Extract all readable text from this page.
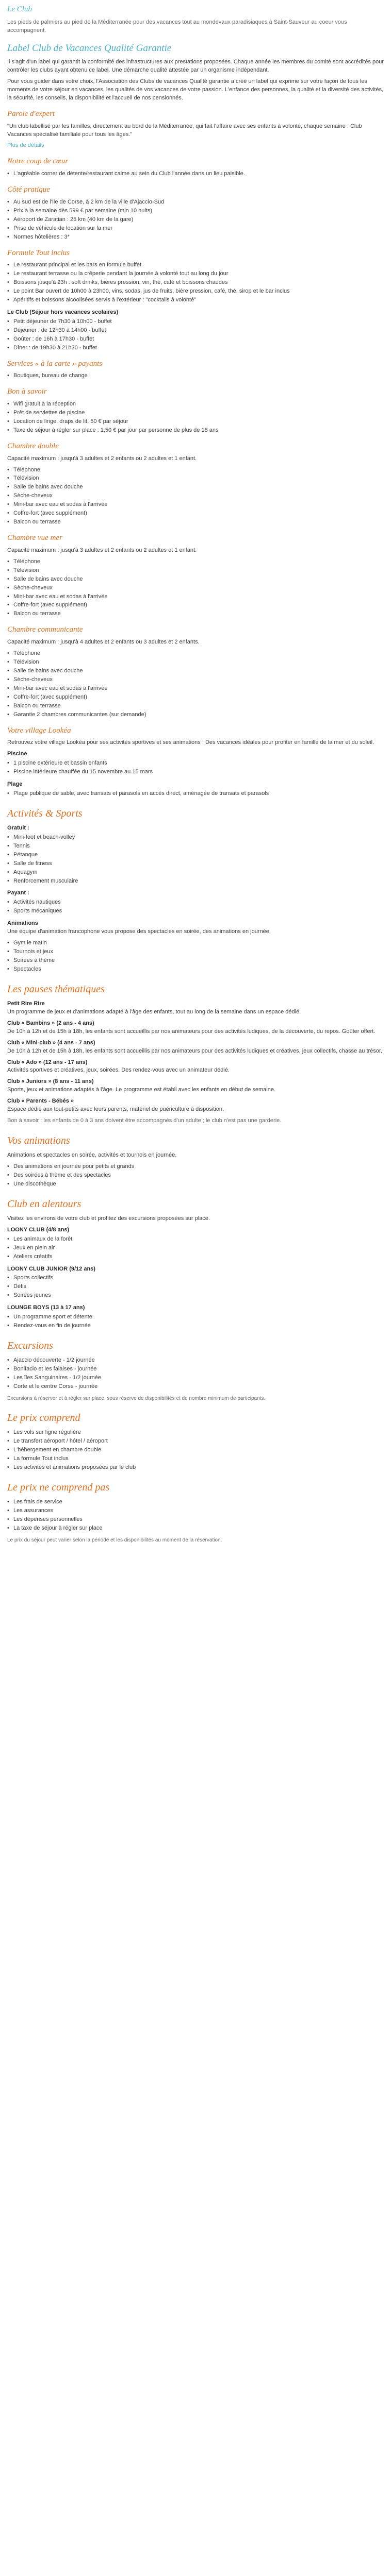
Le Club

Les pieds de palmiers au pied de la Méditerranée pour des vacances tout au mondevaux paradisiaques à Saint-Sauveur au coeur vous accompagnent.

Label Club de Vacances Qualité Garantie

Il s'agit d'un label qui garantit la conformité des infrastructures aux prestations proposées. Chaque année les membres du comité sont accrédités pour contrôler les clubs ayant obtenu ce label. Une démarche qualité attestée par un organisme indépendant.

Pour vous guider dans votre choix, l'Association des Clubs de vacances Qualité garantie a créé un label qui exprime sur votre façon de tous les moments de votre séjour en vacances, les qualités de vos vacances de votre passion. L'enfance des personnes, la qualité et la diversité des activités, la sécurité, les conseils, la disponibilité et l'accueil de nos pensionnés.

Parole d'expert

"Un club labellisé par les familles, directement au bord de la Méditerranée, qui fait l'affaire avec ses enfants à volonté, chaque semaine : Club Vacances spécialisé familiale pour tous les âges."

Plus de détails

Notre coup de cœur
• L'agréable corner de détente/restaurant calme au sein du Club l'année dans un lieu paisible.
Côté pratique
• Au sud est de l'Ile de Corse, à 2 km de la ville d'Ajaccio-Sud
• Prix à la semaine dès 599 € par semaine (min 10 nuits)
• Aéroport de Zaratian : 25 km (40 km de la gare)
• Prise de véhicule de location sur la mer
• Normes hôtelières : 3*
Formule Tout inclus
• Le restaurant principal et les bars en formule buffet
• Le restaurant terrasse ou la crêperie pendant la journée à volonté tout au long du jour
• Boissons jusqu'à 23h : soft drinks, bières pression, vin, thé, café et boissons chaudes
• Le point Bar ouvert de 10h00 à 23h00, vins, sodas, jus de fruits, bière pression, café, thé, sirop et le bar inclus
• Apéritifs et boissons alcoolisées servis à l'extérieur : "cocktails à volonté"
Le Club (Séjour hors vacances scolaires)
• Petit déjeuner de 7h30 à 10h00 - buffet
• Déjeuner : de 12h30 à 14h00 - buffet
• Goûter : de 16h à 17h30 - buffet
• Dîner : de 19h30 à 21h30 - buffet
Services « à la carte » payants
• Boutiques, bureau de change
Bon à savoir
• Wifi gratuit à la réception
• Prêt de serviettes de piscine
• Location de linge, draps de lit, 50 € par séjour
• Taxe de séjour à régler sur place : 1,50 € par jour par personne de plus de 18 ans
Chambre double

Capacité maximum : jusqu'à 3 adultes et 2 enfants ou 2 adultes et 1 enfant.

• Téléphone
• Télévision
• Salle de bains avec douche
• Sèche-cheveux
• Mini-bar avec eau et sodas à l'arrivée
• Coffre-fort (avec supplément)
• Balcon ou terrasse
Chambre vue mer

Capacité maximum : jusqu'à 3 adultes et 2 enfants ou 2 adultes et 1 enfant.

• Téléphone
• Télévision
• Salle de bains avec douche
• Sèche-cheveux
• Mini-bar avec eau et sodas à l'arrivée
• Coffre-fort (avec supplément)
• Balcon ou terrasse
Chambre communicante

Capacité maximum : jusqu'à 4 adultes et 2 enfants ou 3 adultes et 2 enfants.

• Téléphone
• Télévision
• Salle de bains avec douche
• Sèche-cheveux
• Mini-bar avec eau et sodas à l'arrivée
• Coffre-fort (avec supplément)
• Balcon ou terrasse
• Garantie 2 chambres communicantes (sur demande)
Votre village Lookéa

Retrouvez votre village Lookéa pour ses activités sportives et ses animations : Des vacances idéales pour profiter en famille de la mer et du soleil.

Piscine
• 1 piscine extérieure et bassin enfants
• Piscine intérieure chauffée du 15 novembre au 15 mars
Plage
• Plage publique de sable, avec transats et parasols en accès direct, aménagée de transats et parasols
Activités & Sports
Gratuit :
• Mini-foot et beach-volley
• Tennis
• Pétanque
• Salle de fitness
• Aquagym
• Renforcement musculaire
Payant :
• Activités nautiques
• Sports mécaniques
Animations

Une équipe d'animation francophone vous propose des spectacles en soirée, des animations en journée.

• Gym le matin
• Tournois et jeux
• Soirées à thème
• Spectacles
Les pauses thématiques
Petit Rire Rire

Un programme de jeux et d'animations adapté à l'âge des enfants, tout au long de la semaine dans un espace dédié.

Club « Bambins » (2 ans - 4 ans)

De 10h à 12h et de 15h à 18h, les enfants sont accueillis par nos animateurs pour des activités ludiques, de la découverte, du repos. Goûter offert.

Club « Mini-club » (4 ans - 7 ans)

De 10h à 12h et de 15h à 18h, les enfants sont accueillis par nos animateurs pour des activités ludiques et créatives, jeux collectifs, chasse au trésor.

Club « Ado » (12 ans - 17 ans)

Activités sportives et créatives, jeux, soirées. Des rendez-vous avec un animateur dédié.

Club « Juniors » (8 ans - 11 ans)

Sports, jeux et animations adaptés à l'âge. Le programme est établi avec les enfants en début de semaine.

Club « Parents - Bébés »

Espace dédié aux tout-petits avec leurs parents, matériel de puériculture à disposition.

Bon à savoir : les enfants de 0 à 3 ans doivent être accompagnés d'un adulte ; le club n'est pas une garderie.

Vos animations

Animations et spectacles en soirée, activités et tournois en journée.

• Des animations en journée pour petits et grands
• Des soirées à thème et des spectacles
• Une discothèque
Club en alentours

Visitez les environs de votre club et profitez des excursions proposées sur place.

LOONY CLUB (4/8 ans)
• Les animaux de la forêt
• Jeux en plein air
• Ateliers créatifs
LOONY CLUB JUNIOR (9/12 ans)
• Sports collectifs
• Défis
• Soirées jeunes
LOUNGE BOYS (13 à 17 ans)
• Un programme sport et détente
• Rendez-vous en fin de journée
Excursions
• Ajaccio découverte - 1/2 journée
• Bonifacio et les falaises - journée
• Les îles Sanguinaires - 1/2 journée
• Corte et le centre Corse - journée

Excursions à réserver et à régler sur place, sous réserve de disponibilités et de nombre minimum de participants.

Le prix comprend
• Les vols sur ligne régulière
• Le transfert aéroport / hôtel / aéroport
• L'hébergement en chambre double
• La formule Tout inclus
• Les activités et animations proposées par le club
Le prix ne comprend pas
• Les frais de service
• Les assurances
• Les dépenses personnelles
• La taxe de séjour à régler sur place

Le prix du séjour peut varier selon la période et les disponibilités au moment de la réservation.
